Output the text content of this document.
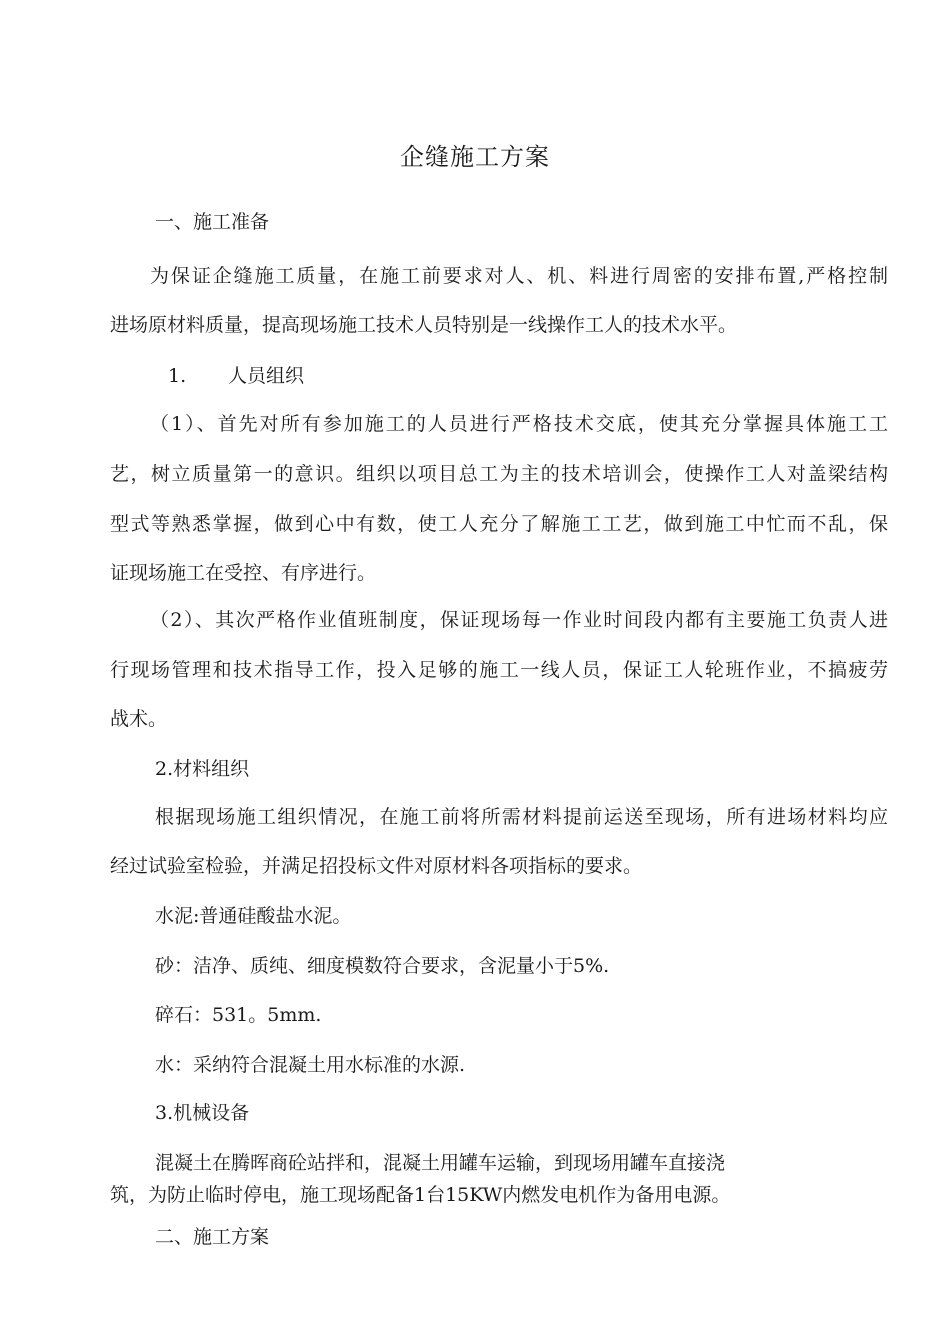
企缝施工方案
一、施工准备
为保证企缝施工质量，在施工前要求对人、机、料进行周密的安排布置,严格控制
进场原材料质量，提高现场施工技术人员特别是一线操作工人的技术水平。
1. 人员组织
（1）、首先对所有参加施工的人员进行严格技术交底，使其充分掌握具体施工工
艺，树立质量第一的意识。组织以项目总工为主的技术培训会，使操作工人对盖梁结构
型式等熟悉掌握，做到心中有数，使工人充分了解施工工艺，做到施工中忙而不乱，保
证现场施工在受控、有序进行。
（2）、其次严格作业值班制度，保证现场每一作业时间段内都有主要施工负责人进
行现场管理和技术指导工作，投入足够的施工一线人员，保证工人轮班作业，不搞疲劳
战术。
2.材料组织
根据现场施工组织情况，在施工前将所需材料提前运送至现场，所有进场材料均应
经过试验室检验，并满足招投标文件对原材料各项指标的要求。
水泥:普通硅酸盐水泥。
砂：洁净、质纯、细度模数符合要求，含泥量小于5%.
碎石：531。5mm.
水：采纳符合混凝土用水标准的水源.
3.机械设备
混凝土在腾晖商砼站拌和，混凝土用罐车运输，到现场用罐车直接浇
筑，为防止临时停电，施工现场配备1台15KW内燃发电机作为备用电源。
二、施工方案
